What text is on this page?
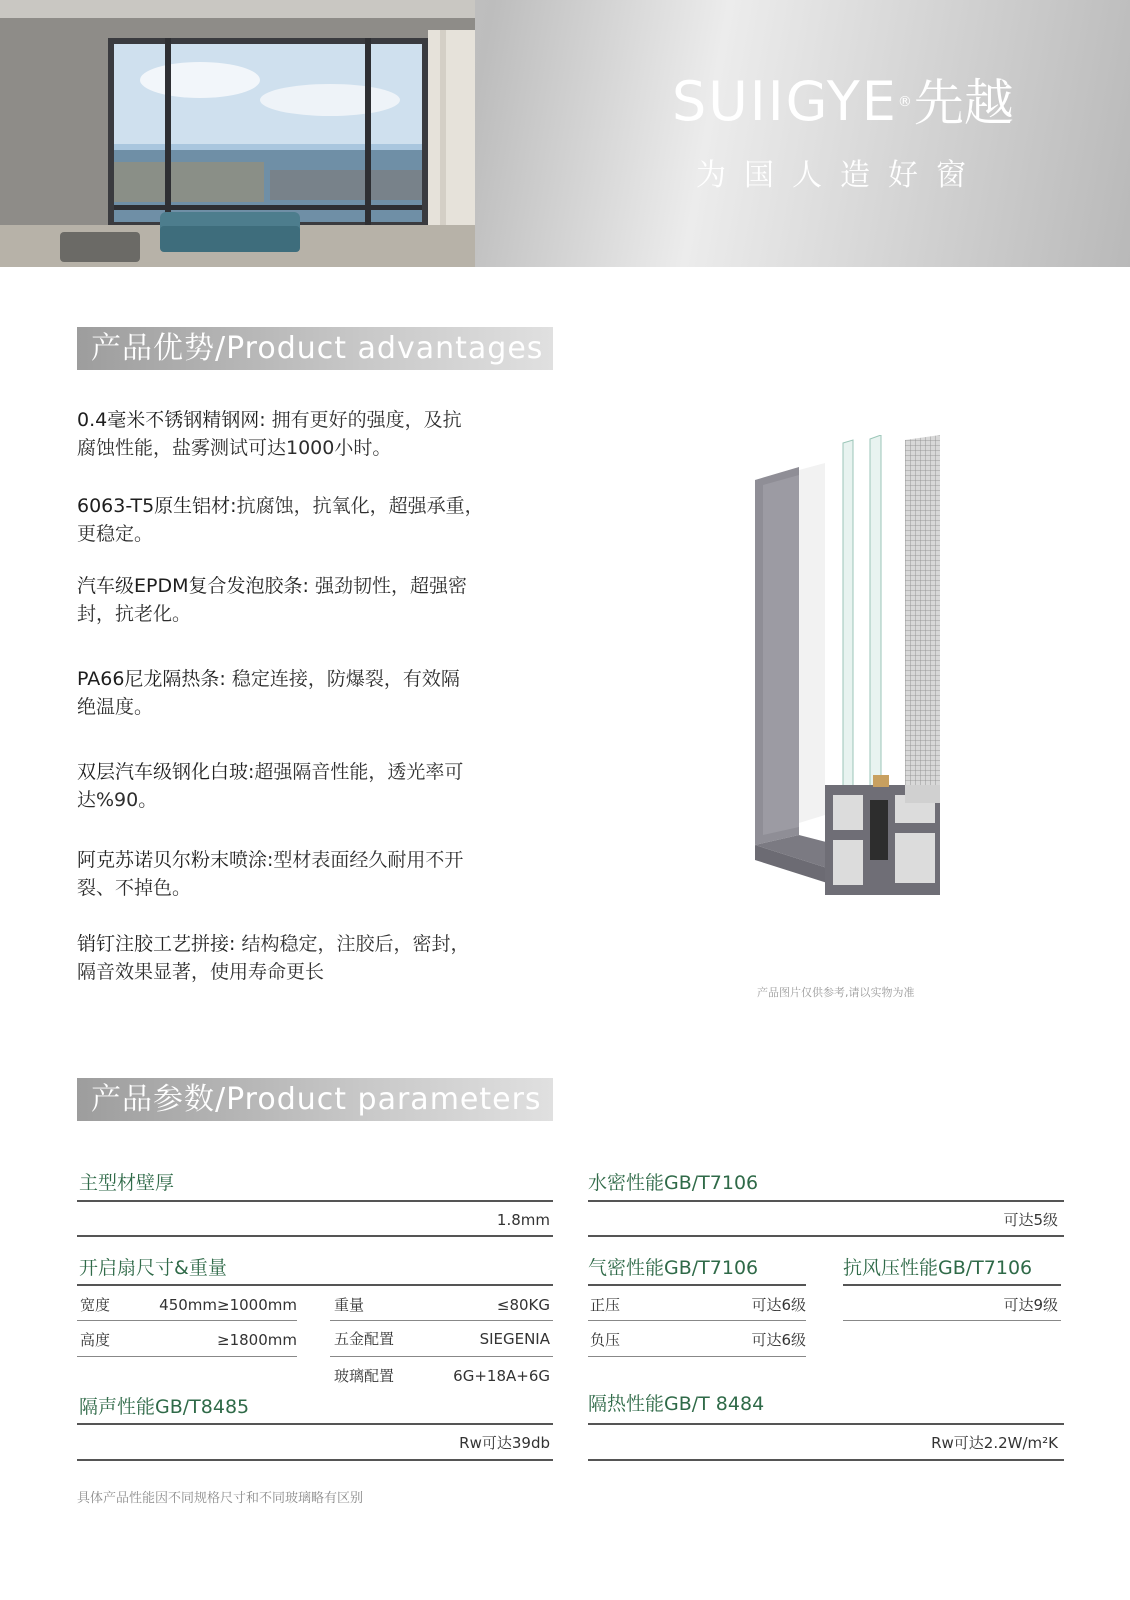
SUIIGYE®先越
为国人造好窗
产品优势/Product advantages
0.4毫米不锈钢精钢网: 拥有更好的强度，及抗
腐蚀性能，盐雾测试可达1000小时。
6063-T5原生铝材:抗腐蚀，抗氧化，超强承重，
更稳定。
汽车级EPDM复合发泡胶条: 强劲韧性，超强密
封，抗老化。
PA66尼龙隔热条: 稳定连接，防爆裂，有效隔
绝温度。
双层汽车级钢化白玻:超强隔音性能，透光率可
达%90。
阿克苏诺贝尔粉末喷涂:型材表面经久耐用不开
裂、不掉色。
销钉注胶工艺拼接: 结构稳定，注胶后，密封，
隔音效果显著，使用寿命更长
产品图片仅供参考,请以实物为准
产品参数/Product parameters
主型材壁厚
1.8mm
水密性能GB/T7106
可达5级
开启扇尺寸&重量
宽度	450mm≥1000mm
高度	≥1800mm
重量	≤80KG
五金配置	SIEGENIA
玻璃配置	6G+18A+6G
气密性能GB/T7106
正压	可达6级
负压	可达6级
抗风压性能GB/T7106
可达9级
隔声性能GB/T8485
Rw可达39db
隔热性能GB/T 8484
Rw可达2.2W/m²K
具体产品性能因不同规格尺寸和不同玻璃略有区别
